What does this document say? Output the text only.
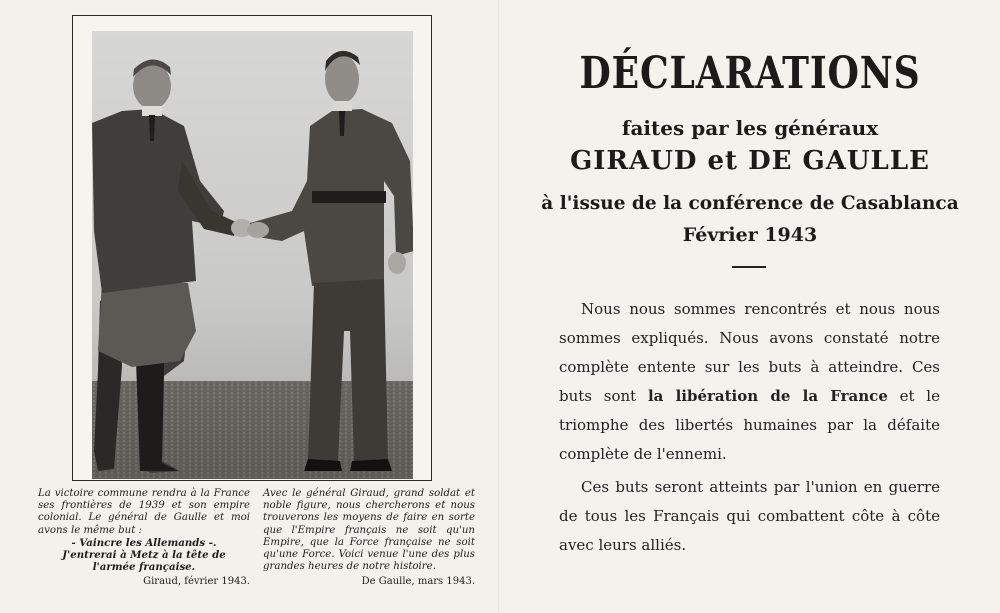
La victoire commune rendra à la France ses frontières de 1939 et son empire colonial. Le général de Gaulle et moi avons le même but :

- Vaincre les Allemands -.

J'entrerai à Metz à la tête de

l'armée française.

Giraud, février 1943.

Avec le général Giraud, grand soldat et noble figure, nous chercherons et nous trouverons les moyens de faire en sorte que l'Empire français ne soit qu'un Empire, que la Force française ne soit qu'une Force. Voici venue l'une des plus grandes heures de notre histoire.

De Gaulle, mars 1943.

DÉCLARATIONS
faites par les généraux
GIRAUD et DE GAULLE
à l'issue de la conférence de Casablanca
Février 1943

Nous nous sommes rencontrés et nous nous sommes expliqués. Nous avons constaté notre complète entente sur les buts à atteindre. Ces buts sont la libération de la France et le triomphe des libertés humaines par la défaite complète de l'ennemi.

Ces buts seront atteints par l'union en guerre de tous les Français qui combattent côte à côte avec leurs alliés.
